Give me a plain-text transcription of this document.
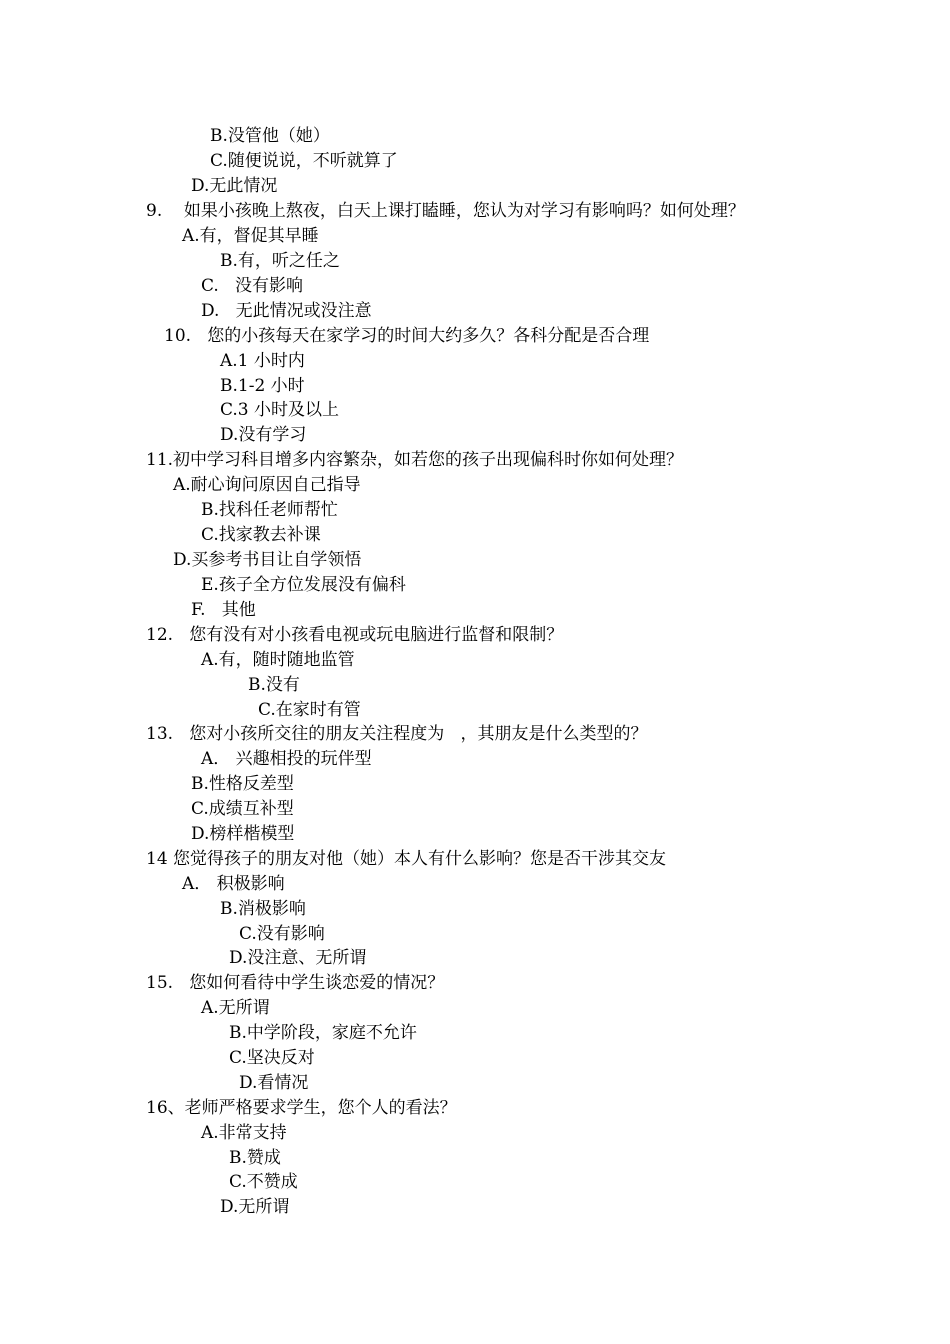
B.没管他（她）
C.随便说说，不听就算了
D.无此情况
9.    如果小孩晚上熬夜，白天上课打瞌睡，您认为对学习有影响吗？如何处理？
A.有，督促其早睡
B.有，听之任之
C.   没有影响
D.   无此情况或没注意
10.   您的小孩每天在家学习的时间大约多久？各科分配是否合理
A.1 小时内
B.1-2 小时
C.3 小时及以上
D.没有学习
11.初中学习科目增多内容繁杂，如若您的孩子出现偏科时你如何处理？
A.耐心询问原因自己指导
B.找科任老师帮忙
C.找家教去补课
D.买参考书目让自学领悟
E.孩子全方位发展没有偏科
F.   其他
12.   您有没有对小孩看电视或玩电脑进行监督和限制？
A.有，随时随地监管
B.没有
C.在家时有管
13.   您对小孩所交往的朋友关注程度为   ，其朋友是什么类型的？
A． 兴趣相投的玩伴型
B.性格反差型
C.成绩互补型
D.榜样楷模型
14 您觉得孩子的朋友对他（她）本人有什么影响？您是否干涉其交友
A． 积极影响
B.消极影响
C.没有影响
D.没注意、无所谓
15.   您如何看待中学生谈恋爱的情况？
A.无所谓
B.中学阶段，家庭不允许
C.坚决反对
D.看情况
16、老师严格要求学生，您个人的看法？
A.非常支持
B.赞成
C.不赞成
D.无所谓
